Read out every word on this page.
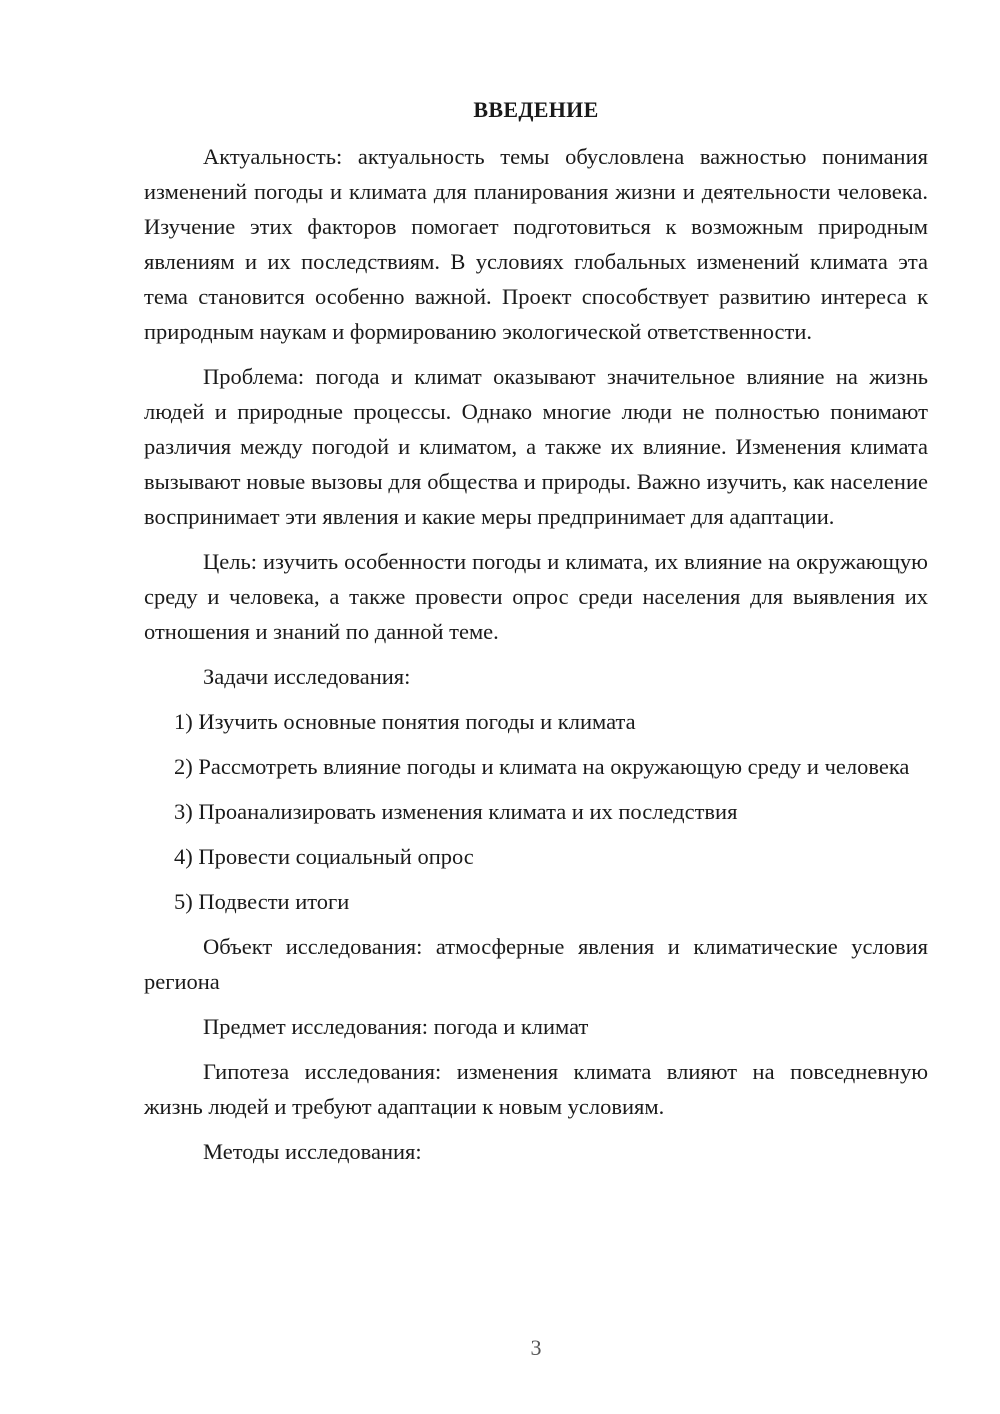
ВВЕДЕНИЕ

Актуальность: актуальность темы обусловлена важностью понимания изменений погоды и климата для планирования жизни и деятельности человека. Изучение этих факторов помогает подготовиться к возможным природным явлениям и их последствиям. В условиях глобальных изменений климата эта тема становится особенно важной. Проект способствует развитию интереса к природным наукам и формированию экологической ответственности.

Проблема: погода и климат оказывают значительное влияние на жизнь людей и природные процессы. Однако многие люди не полностью понимают различия между погодой и климатом, а также их влияние. Изменения климата вызывают новые вызовы для общества и природы. Важно изучить, как население воспринимает эти явления и какие меры предпринимает для адаптации.

Цель: изучить особенности погоды и климата, их влияние на окружающую среду и человека, а также провести опрос среди населения для выявления их отношения и знаний по данной теме.

Задачи исследования:

1) Изучить основные понятия погоды и климата

2) Рассмотреть влияние погоды и климата на окружающую среду и человека

3) Проанализировать изменения климата и их последствия

4) Провести социальный опрос

5) Подвести итоги

Объект исследования: атмосферные явления и климатические условия региона

Предмет исследования: погода и климат

Гипотеза исследования: изменения климата влияют на повседневную жизнь людей и требуют адаптации к новым условиям.

Методы исследования:

3
